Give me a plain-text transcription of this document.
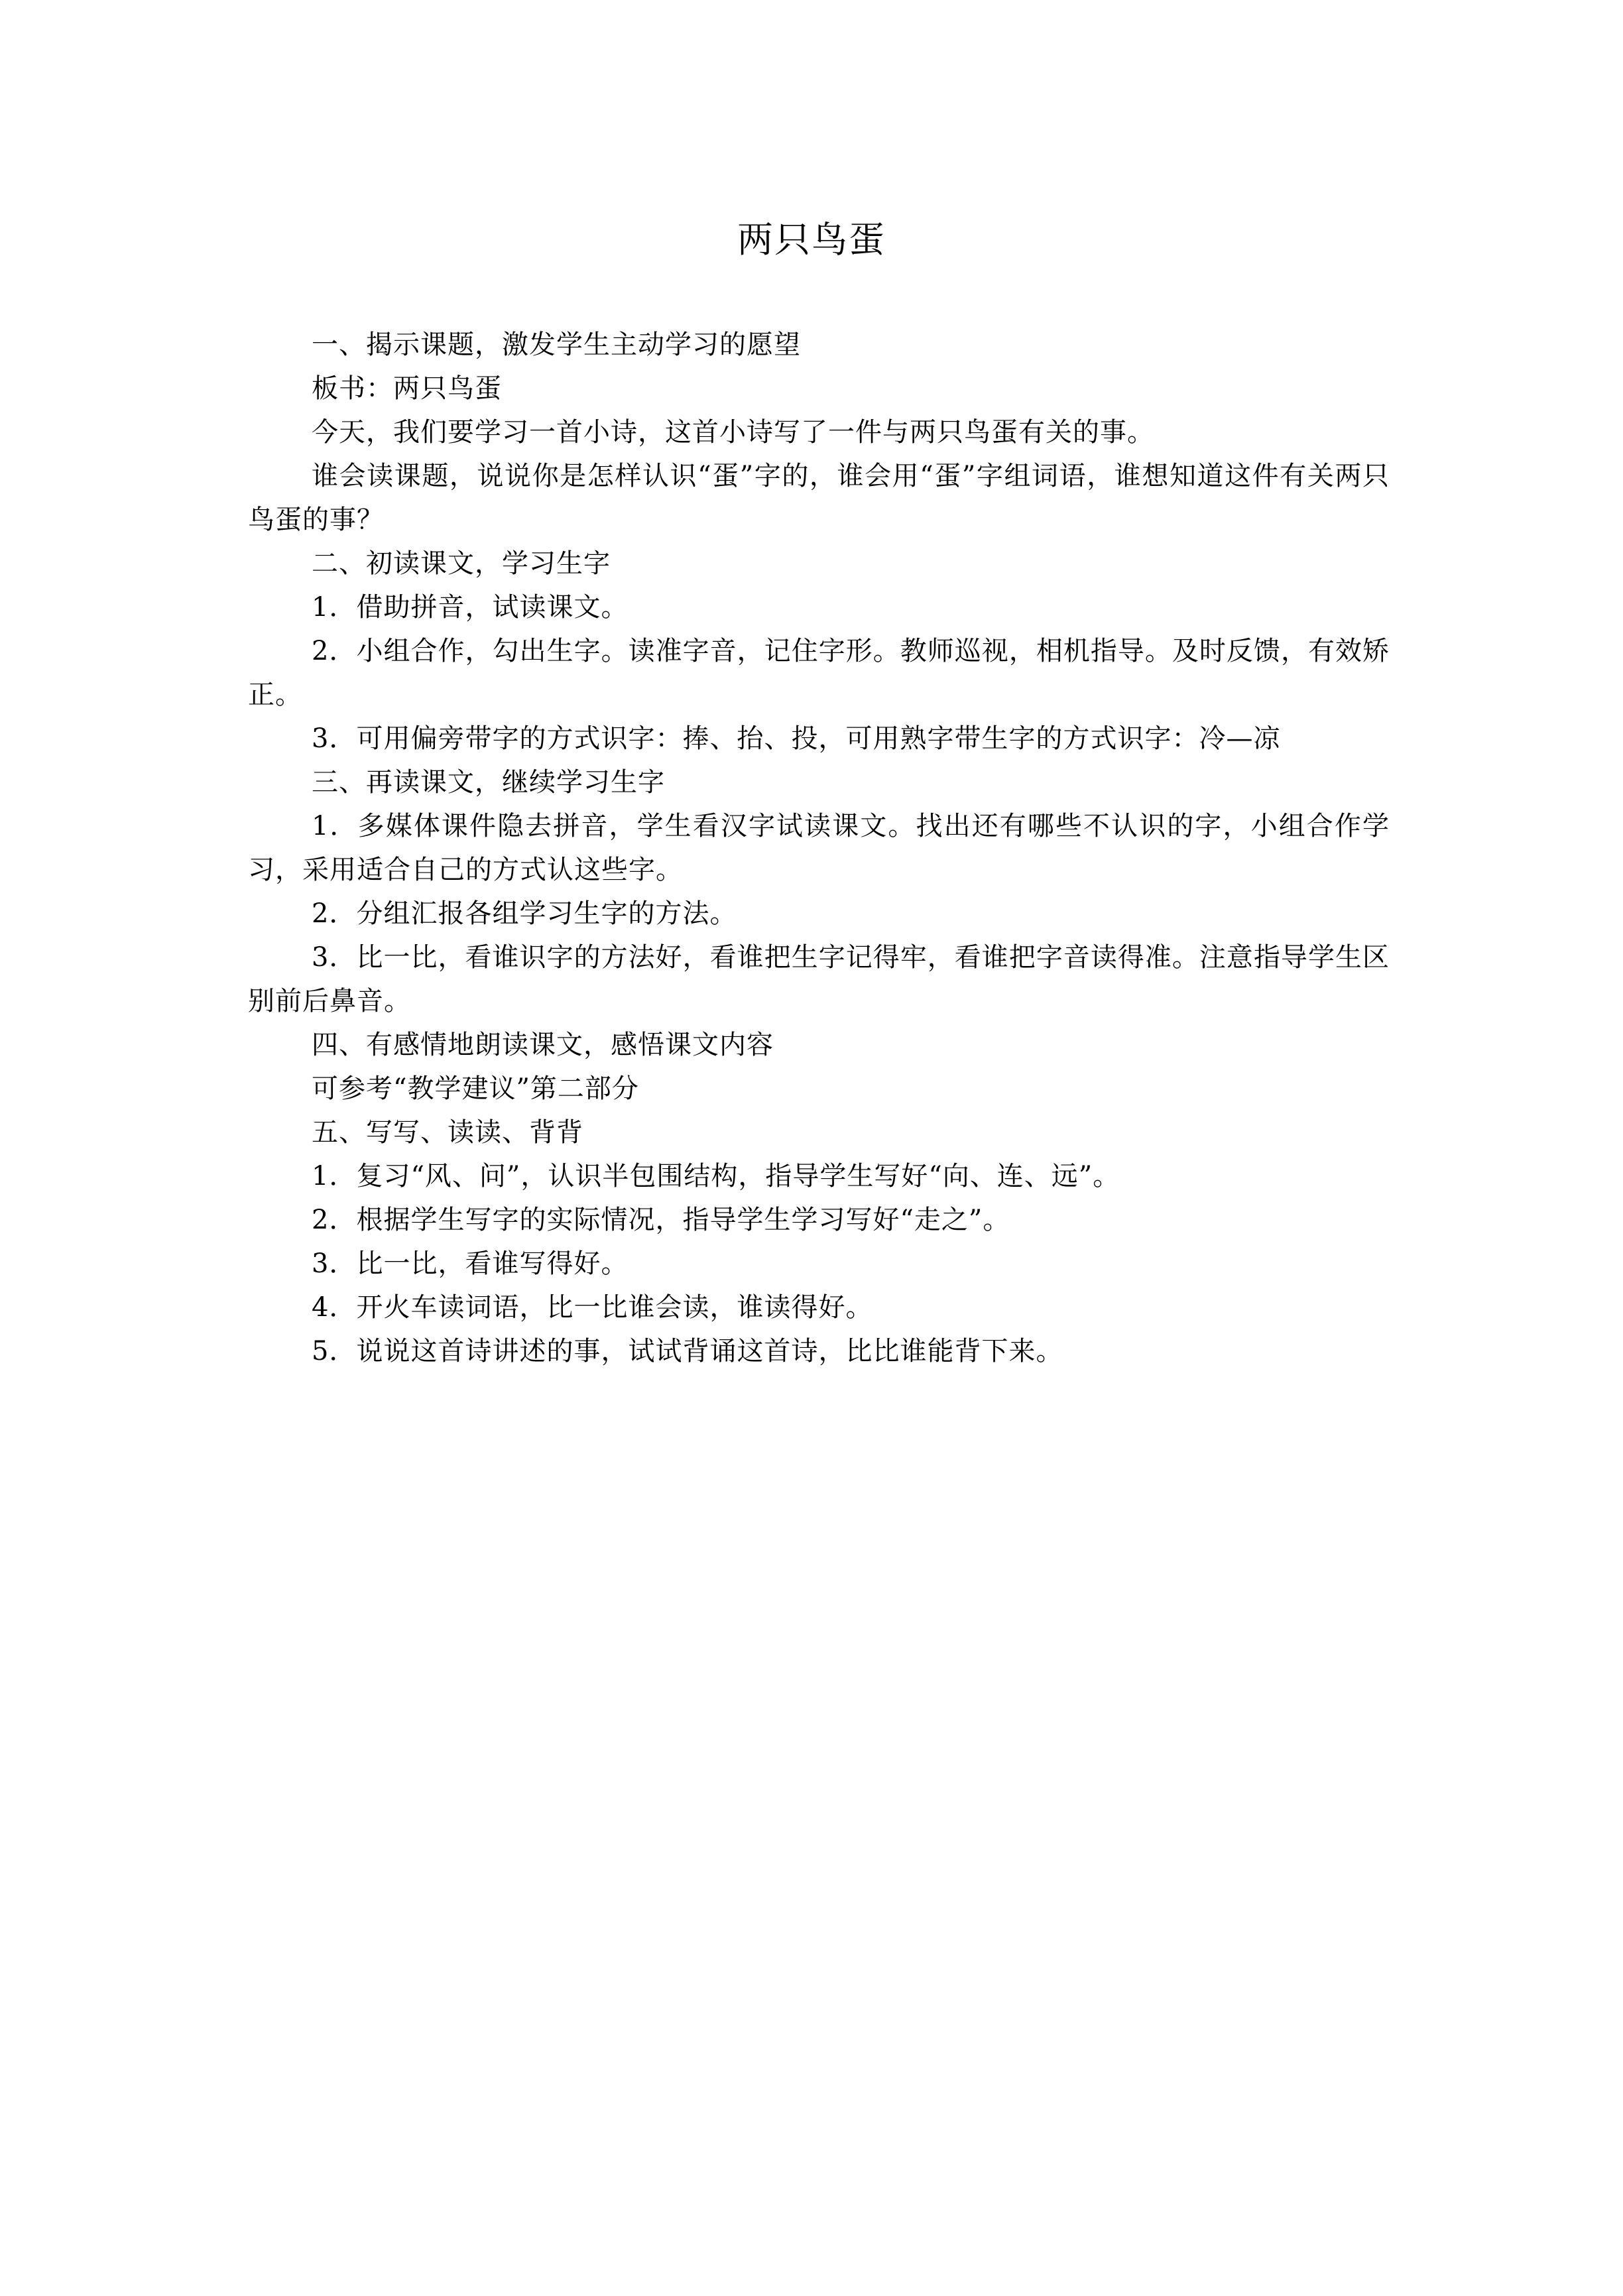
两只鸟蛋

一、揭示课题，激发学生主动学习的愿望

板书：两只鸟蛋

今天，我们要学习一首小诗，这首小诗写了一件与两只鸟蛋有关的事。

谁会读课题，说说你是怎样认识“蛋”字的，谁会用“蛋”字组词语，谁想知道这件有关两只鸟蛋的事？

二、初读课文，学习生字

1．借助拼音，试读课文。

2．小组合作，勾出生字。读准字音，记住字形。教师巡视，相机指导。及时反馈，有效矫正。

3．可用偏旁带字的方式识字：捧、抬、投，可用熟字带生字的方式识字：冷—凉

三、再读课文，继续学习生字

1．多媒体课件隐去拼音，学生看汉字试读课文。找出还有哪些不认识的字，小组合作学习，采用适合自己的方式认这些字。

2．分组汇报各组学习生字的方法。

3．比一比，看谁识字的方法好，看谁把生字记得牢，看谁把字音读得准。注意指导学生区别前后鼻音。

四、有感情地朗读课文，感悟课文内容

可参考“教学建议”第二部分

五、写写、读读、背背

1．复习“风、问”，认识半包围结构，指导学生写好“向、连、远”。

2．根据学生写字的实际情况，指导学生学习写好“走之”。

3．比一比，看谁写得好。

4．开火车读词语，比一比谁会读，谁读得好。

5．说说这首诗讲述的事，试试背诵这首诗，比比谁能背下来。
